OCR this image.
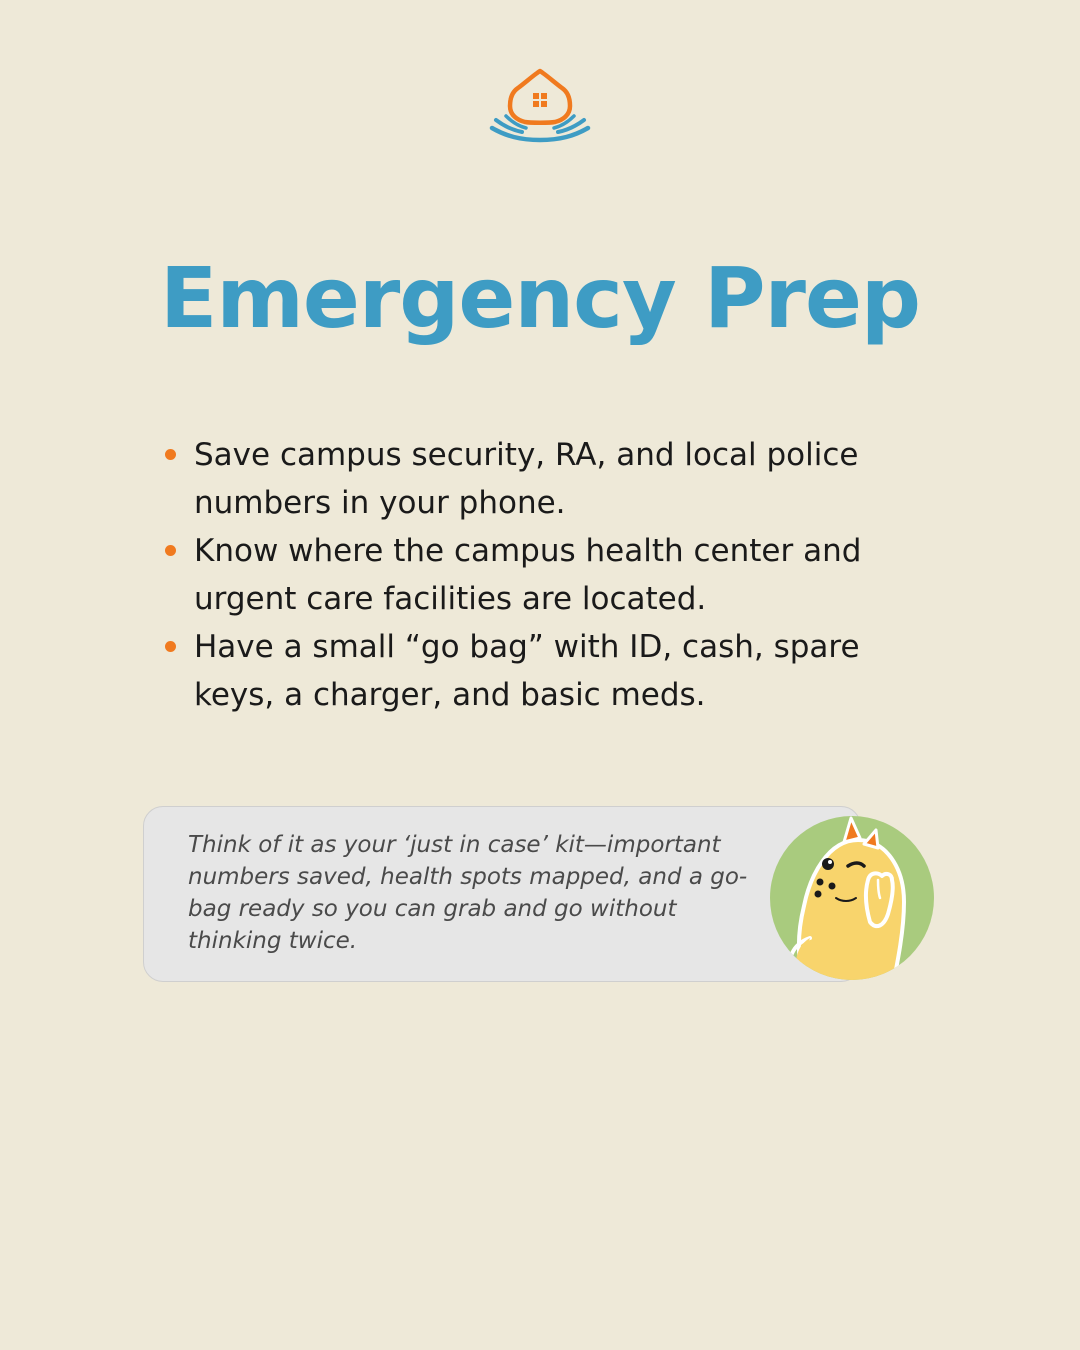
Emergency Prep
Save campus security, RA, and local police numbers in your phone.
Know where the campus health center and urgent care facilities are located.
Have a small “go bag” with ID, cash, spare keys, a charger, and basic meds.

Think of it as your ‘just in case’ kit—important numbers saved, health spots mapped, and a go-bag ready so you can grab and go without thinking twice.
